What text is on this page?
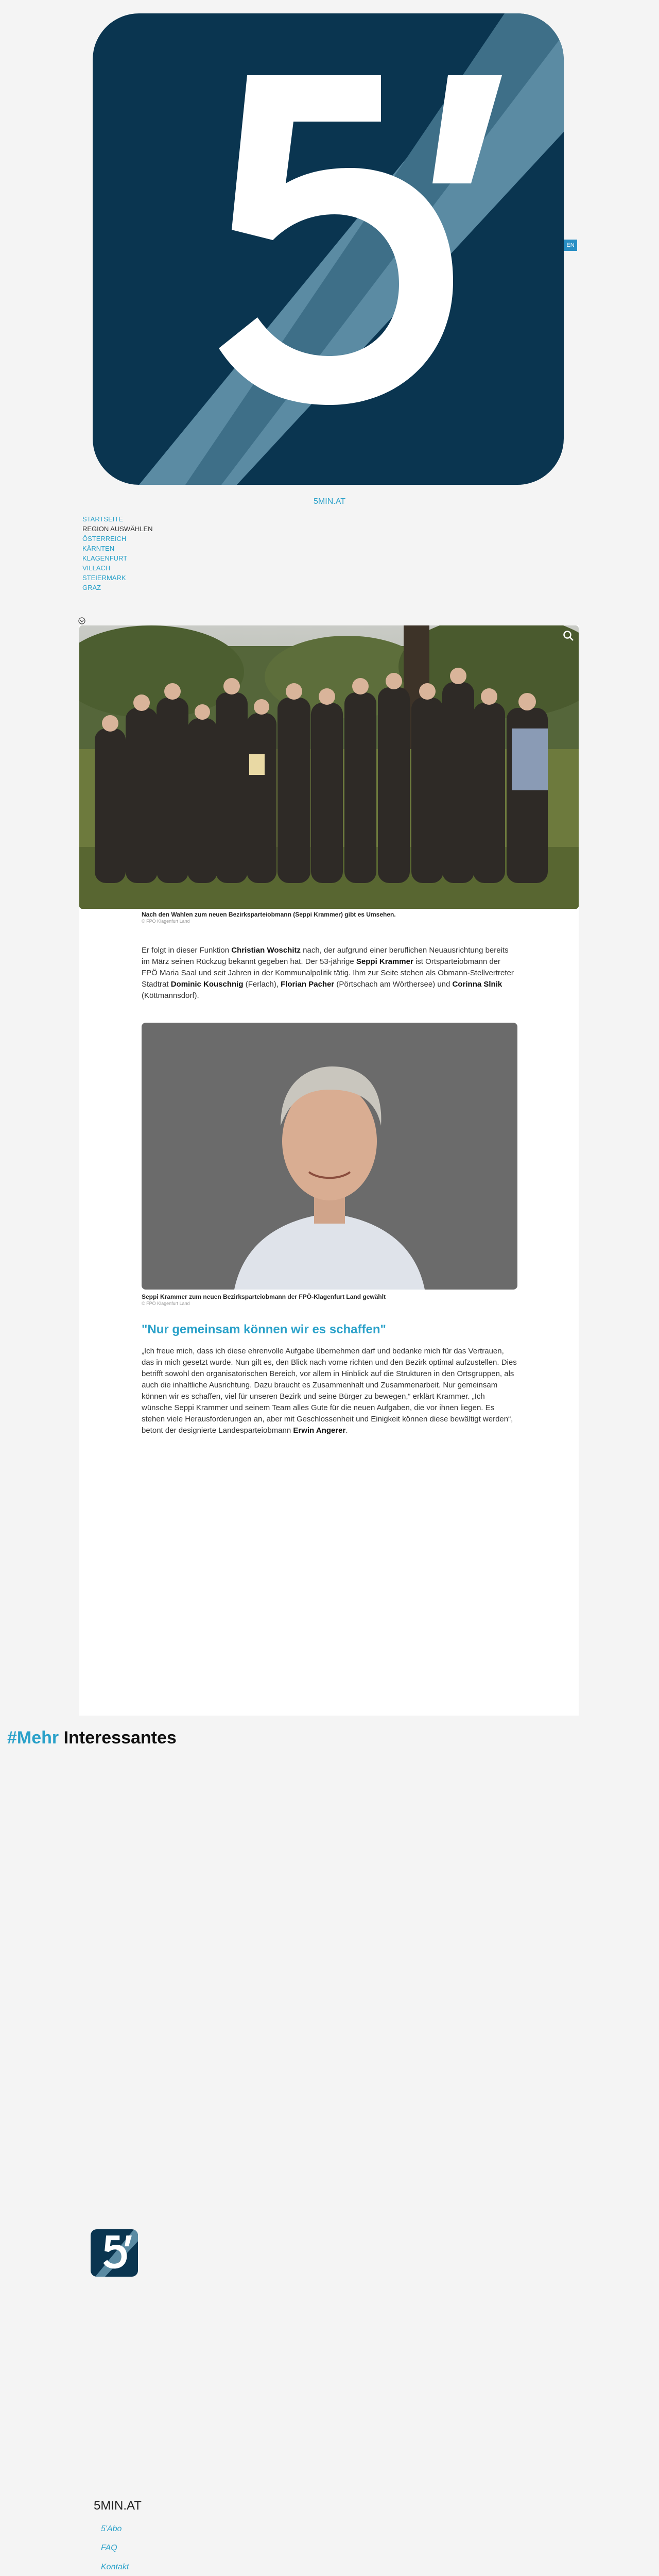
EN
5MIN.AT
STARTSEITE
REGION AUSWÄHLEN
ÖSTERREICH
KÄRNTEN
KLAGENFURT
VILLACH
STEIERMARK
GRAZ
Nach den Wahlen zum neuen Bezirksparteiobmann (Seppi Krammer) gibt es Umsehen.
© FPÖ Klagenfurt Land
Er folgt in dieser Funktion Christian Woschitz nach, der aufgrund einer beruflichen Neuausrichtung bereits im März seinen Rückzug bekannt gegeben hat. Der 53-jährige Seppi Krammer ist Ortsparteiobmann der FPÖ Maria Saal und seit Jahren in der Kommunalpolitik tätig. Ihm zur Seite stehen als Obmann-Stellvertreter Stadtrat Dominic Kouschnig (Ferlach), Florian Pacher (Pörtschach am Wörthersee) und Corinna Slnik (Köttmannsdorf).
Seppi Krammer zum neuen Bezirksparteiobmann der FPÖ-Klagenfurt Land gewählt
© FPÖ Klagenfurt Land
"Nur gemeinsam können wir es schaffen"
„Ich freue mich, dass ich diese ehrenvolle Aufgabe übernehmen darf und bedanke mich für das Vertrauen, das in mich gesetzt wurde. Nun gilt es, den Blick nach vorne richten und den Bezirk optimal aufzustellen. Dies betrifft sowohl den organisatorischen Bereich, vor allem in Hinblick auf die Strukturen in den Ortsgruppen, als auch die inhaltliche Ausrichtung. Dazu braucht es Zusammenhalt und Zusammenarbeit. Nur gemeinsam können wir es schaffen, viel für unseren Bezirk und seine Bürger zu bewegen,“ erklärt Krammer. „Ich wünsche Seppi Krammer und seinem Team alles Gute für die neuen Aufgaben, die vor ihnen liegen. Es stehen viele Herausforderungen an, aber mit Geschlossenheit und Einigkeit können diese bewältigt werden“, betont der designierte Landesparteiobmann Erwin Angerer.
#Mehr Interessantes
5MIN.AT
5'Abo
FAQ
Kontakt
